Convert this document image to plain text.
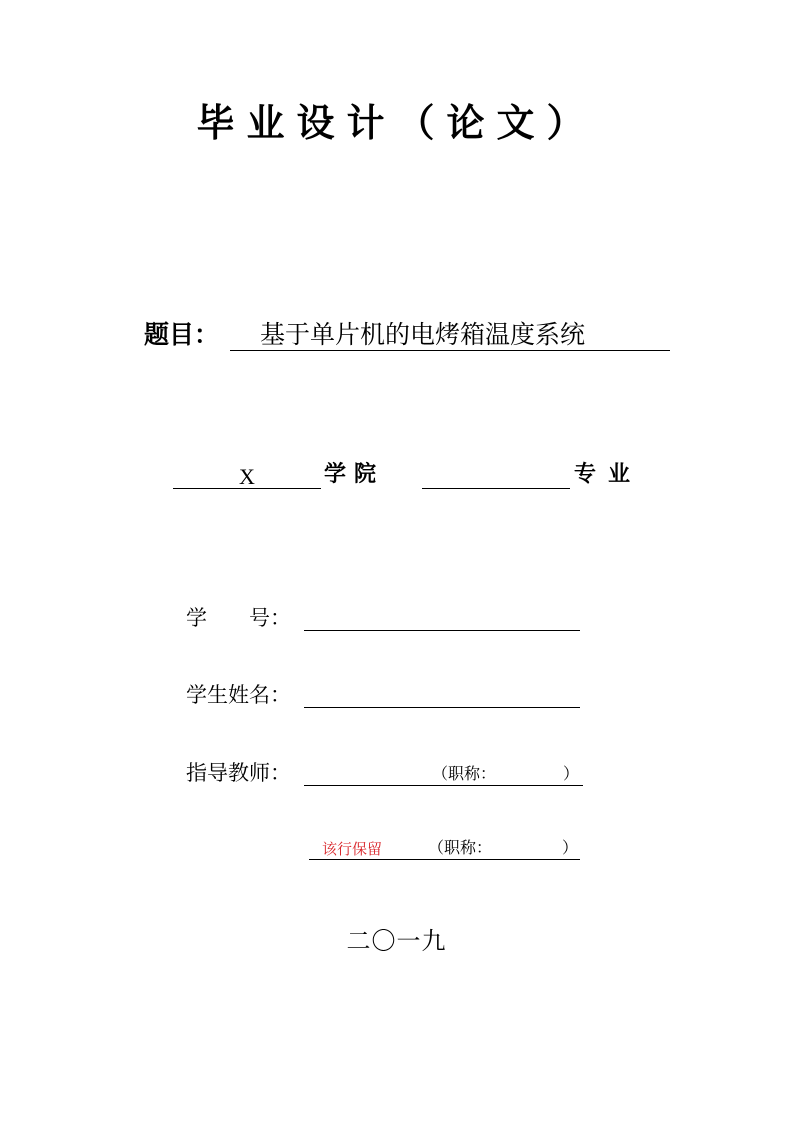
毕业设计（论文）
题目：	基于单片机的电烤箱温度系统
X	学院	专业
学　　号：
学生姓名：
指导教师：	（职称：	）
该行保留	（职称：	）
二〇一九
